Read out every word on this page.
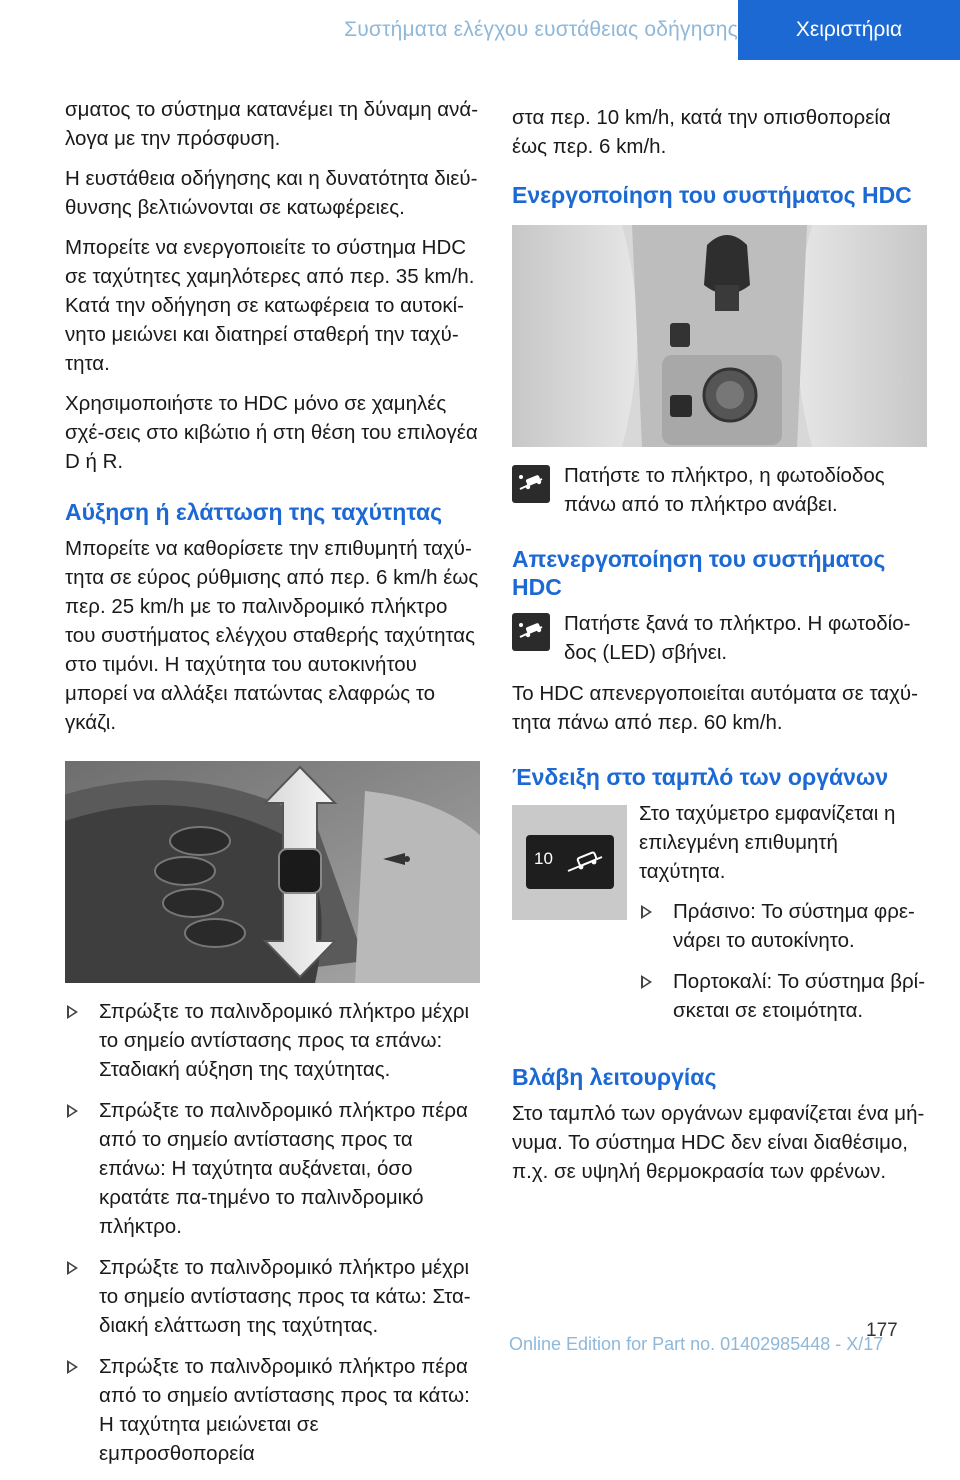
Συστήματα ελέγχου ευστάθειας οδήγησης	Χειριστήρια

σματος το σύστημα κατανέμει τη δύναμη ανά-λογα με την πρόσφυση.

Η ευστάθεια οδήγησης και η δυνατότητα διεύ-θυνσης βελτιώνονται σε κατωφέρειες.

Μπορείτε να ενεργοποιείτε το σύστημα HDC σε ταχύτητες χαμηλότερες από περ. 35 km/h. Κατά την οδήγηση σε κατωφέρεια το αυτοκί-νητο μειώνει και διατηρεί σταθερή την ταχύ-τητα.

Χρησιμοποιήστε το HDC μόνο σε χαμηλές σχέ-σεις στο κιβώτιο ή στη θέση του επιλογέα D ή R.

Αύξηση ή ελάττωση της ταχύτητας

Μπορείτε να καθορίσετε την επιθυμητή ταχύ-τητα σε εύρος ρύθμισης από περ. 6 km/h έως περ. 25 km/h με το παλινδρομικό πλήκτρο του συστήματος ελέγχου σταθερής ταχύτητας στο τιμόνι. Η ταχύτητα του αυτοκινήτου μπορεί να αλλάξει πατώντας ελαφρώς το γκάζι.

Σπρώξτε το παλινδρομικό πλήκτρο μέχρι το σημείο αντίστασης προς τα επάνω: Σταδιακή αύξηση της ταχύτητας.
Σπρώξτε το παλινδρομικό πλήκτρο πέρα από το σημείο αντίστασης προς τα επάνω: Η ταχύτητα αυξάνεται, όσο κρατάτε πα-τημένο το παλινδρομικό πλήκτρο.
Σπρώξτε το παλινδρομικό πλήκτρο μέχρι το σημείο αντίστασης προς τα κάτω: Στα-διακή ελάττωση της ταχύτητας.
Σπρώξτε το παλινδρομικό πλήκτρο πέρα από το σημείο αντίστασης προς τα κάτω: Η ταχύτητα μειώνεται σε εμπροσθοπορεία

στα περ. 10 km/h, κατά την οπισθοπορεία έως περ. 6 km/h.

Ενεργοποίηση του συστήματος HDC

Πατήστε το πλήκτρο, η φωτοδίοδος πάνω από το πλήκτρο ανάβει.

Απενεργοποίηση του συστήματος HDC

Πατήστε ξανά το πλήκτρο. Η φωτοδίο-δος (LED) σβήνει.

Το HDC απενεργοποιείται αυτόματα σε ταχύ-τητα πάνω από περ. 60 km/h.

Ένδειξη στο ταμπλό των οργάνων
10

Στο ταχύμετρο εμφανίζεται η επιλεγμένη επιθυμητή ταχύτητα.

Πράσινο: Το σύστημα φρε-νάρει το αυτοκίνητο.
Πορτοκαλί: Το σύστημα βρί-σκεται σε ετοιμότητα.
Βλάβη λειτουργίας

Στο ταμπλό των οργάνων εμφανίζεται ένα μή-νυμα. Το σύστημα HDC δεν είναι διαθέσιμο, π.χ. σε υψηλή θερμοκρασία των φρένων.

177
Online Edition for Part no. 01402985448 - X/17
